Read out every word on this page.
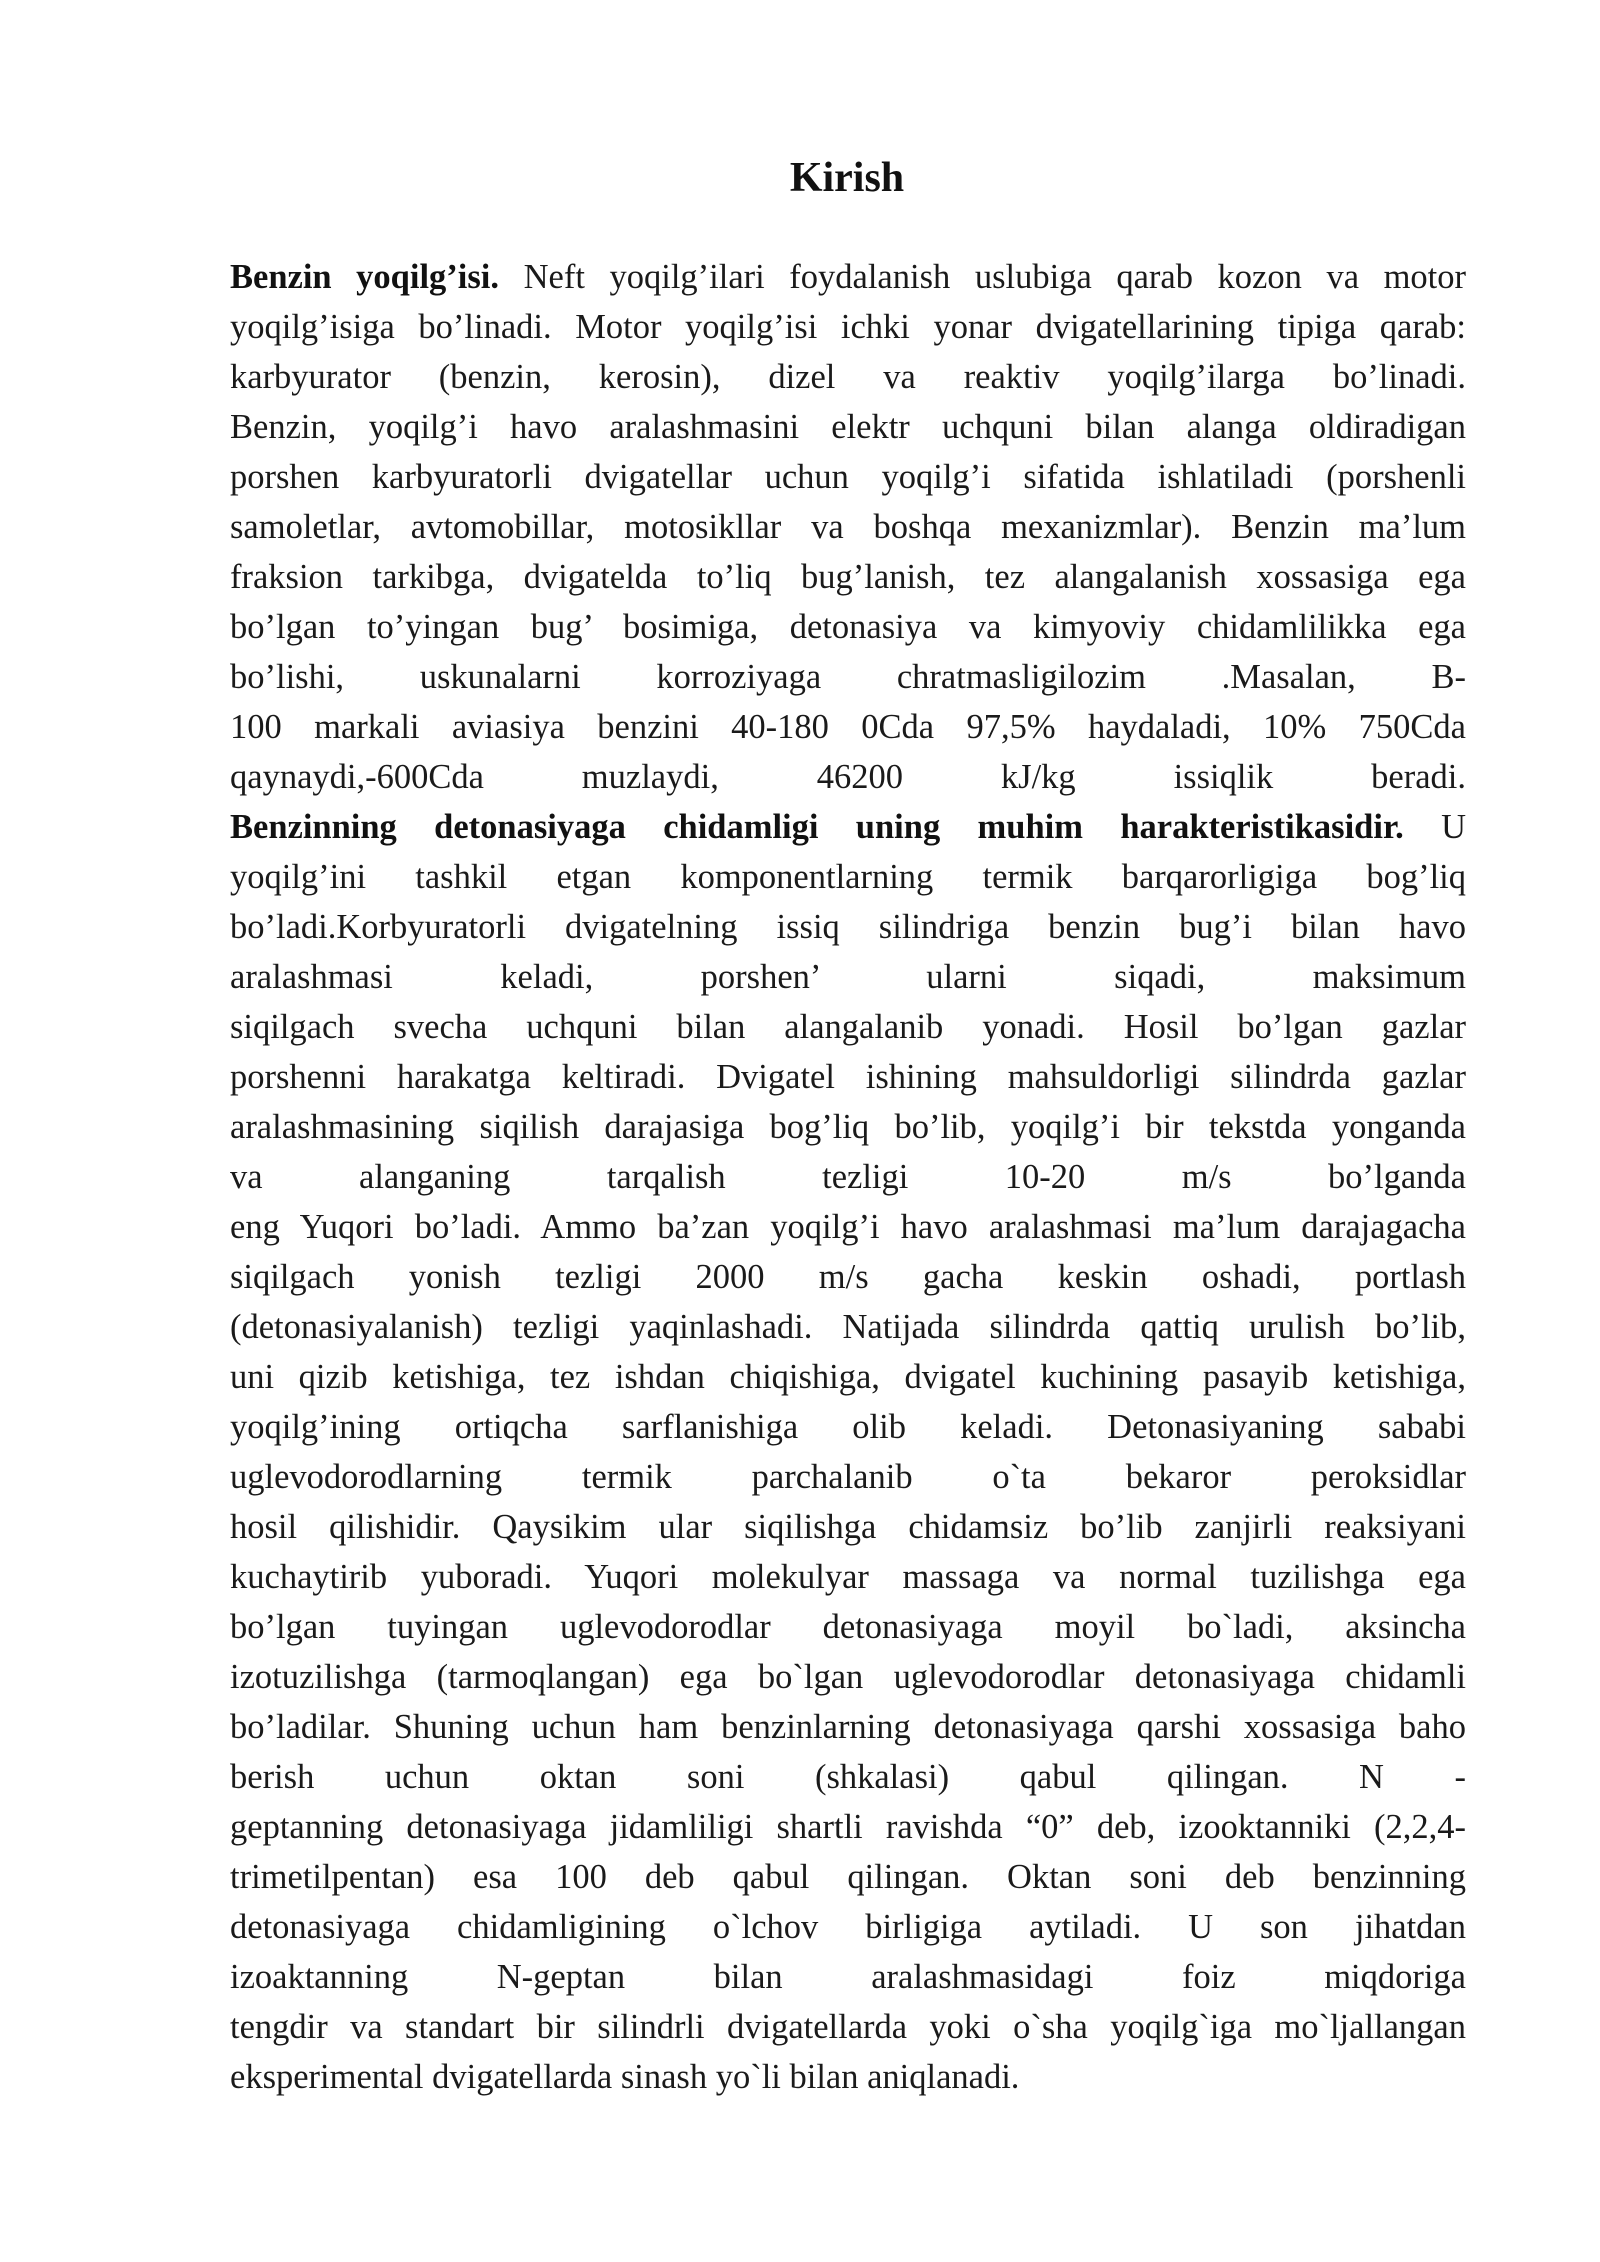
Kirish
Benzin yoqilg’isi. Neft yoqilg’ilari foydalanish uslubiga qarab kozon va motor
yoqilg’isiga bo’linadi. Motor yoqilg’isi ichki yonar dvigatellarining tipiga qarab:
karbyurator (benzin, kerosin), dizel va reaktiv yoqilg’ilarga bo’linadi.
Benzin, yoqilg’i havo aralashmasini elektr uchquni bilan alanga oldiradigan
porshen karbyuratorli dvigatellar uchun yoqilg’i sifatida ishlatiladi (porshenli
samoletlar, avtomobillar, motosikllar va boshqa mexanizmlar). Benzin ma’lum
fraksion tarkibga, dvigatelda to’liq bug’lanish, tez alangalanish xossasiga ega
bo’lgan to’yingan bug’ bosimiga, detonasiya va kimyoviy chidamlilikka ega
bo’lishi, uskunalarni korroziyaga chratmasligilozim .Masalan, B-
100 markali aviasiya benzini 40-180 0Cda 97,5% haydaladi, 10% 750Cda
qaynaydi,-600Cda muzlaydi, 46200 kJ/kg issiqlik beradi.
Benzinning detonasiyaga chidamligi uning muhim harakteristikasidir. U
yoqilg’ini tashkil etgan komponentlarning termik barqarorligiga bog’liq
bo’ladi.Korbyuratorli dvigatelning issiq silindriga benzin bug’i bilan havo
aralashmasi keladi, porshen’ ularni siqadi, maksimum
siqilgach svecha uchquni bilan alangalanib yonadi. Hosil bo’lgan gazlar
porshenni harakatga keltiradi. Dvigatel ishining mahsuldorligi silindrda gazlar
aralashmasining siqilish darajasiga bog’liq bo’lib, yoqilg’i bir tekstda yonganda
va alanganing tarqalish tezligi 10-20 m/s bo’lganda
eng Yuqori bo’ladi. Ammo ba’zan yoqilg’i havo aralashmasi ma’lum darajagacha
siqilgach yonish tezligi 2000 m/s gacha keskin oshadi, portlash
(detonasiyalanish) tezligi yaqinlashadi. Natijada silindrda qattiq urulish bo’lib,
uni qizib ketishiga, tez ishdan chiqishiga, dvigatel kuchining pasayib ketishiga,
yoqilg’ining ortiqcha sarflanishiga olib keladi. Detonasiyaning sababi
uglevodorodlarning termik parchalanib o`ta bekaror peroksidlar
hosil qilishidir. Qaysikim ular siqilishga chidamsiz bo’lib zanjirli reaksiyani
kuchaytirib yuboradi. Yuqori molekulyar massaga va normal tuzilishga ega
bo’lgan tuyingan uglevodorodlar detonasiyaga moyil bo`ladi, aksincha
izotuzilishga (tarmoqlangan) ega bo`lgan uglevodorodlar detonasiyaga chidamli
bo’ladilar. Shuning uchun ham benzinlarning detonasiyaga qarshi xossasiga baho
berish uchun oktan soni (shkalasi) qabul qilingan. N -
geptanning detonasiyaga jidamliligi shartli ravishda “0” deb, izooktanniki (2,2,4-
trimetilpentan) esa 100 deb qabul qilingan. Oktan soni deb benzinning
detonasiyaga chidamligining o`lchov birligiga aytiladi. U son jihatdan
izoaktanning N-geptan bilan aralashmasidagi foiz miqdoriga
tengdir va standart bir silindrli dvigatellarda yoki o`sha yoqilg`iga mo`ljallangan
eksperimental dvigatellarda sinash yo`li bilan aniqlanadi.
